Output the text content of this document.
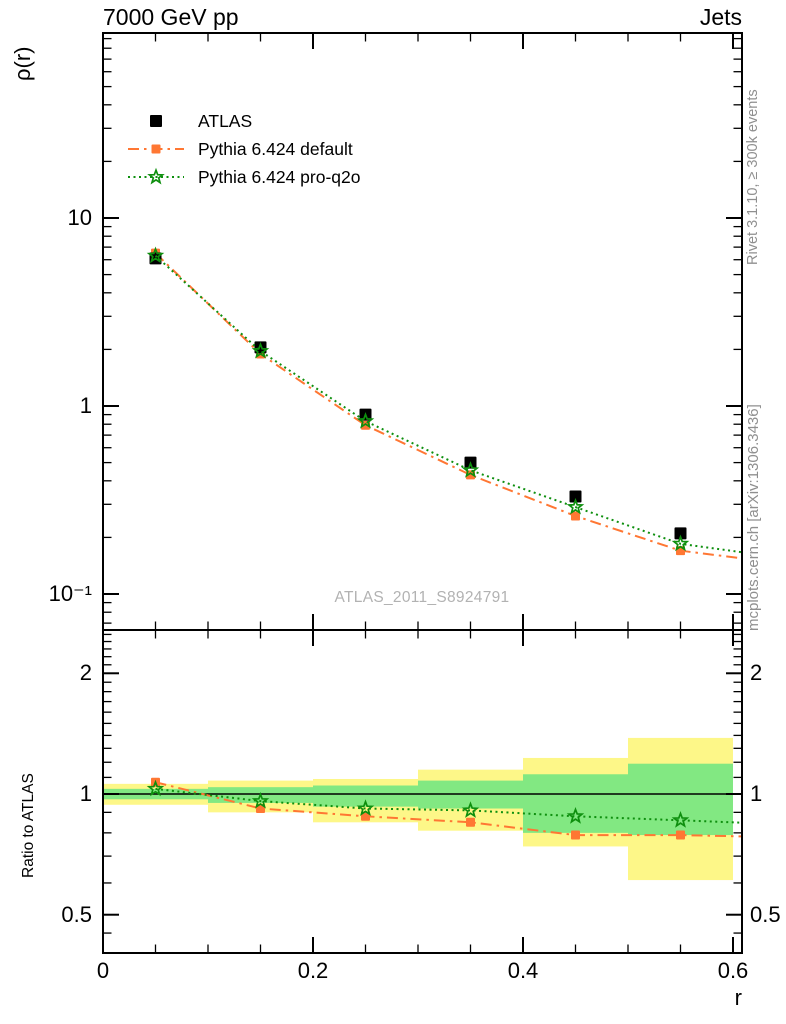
7000 GeV pp	Jets
ρ(r)
Ratio to ATLAS
r
Rivet 3.1.10, ≥ 300k events
mcplots.cern.ch [arXiv:1306.3436]
ATLAS_2011_S8924791
10
1
10⁻¹
2
1
0.5
2
1
0.5
0	0.2	0.4	0.6
ATLAS
Pythia 6.424 default
Pythia 6.424 pro-q2o
